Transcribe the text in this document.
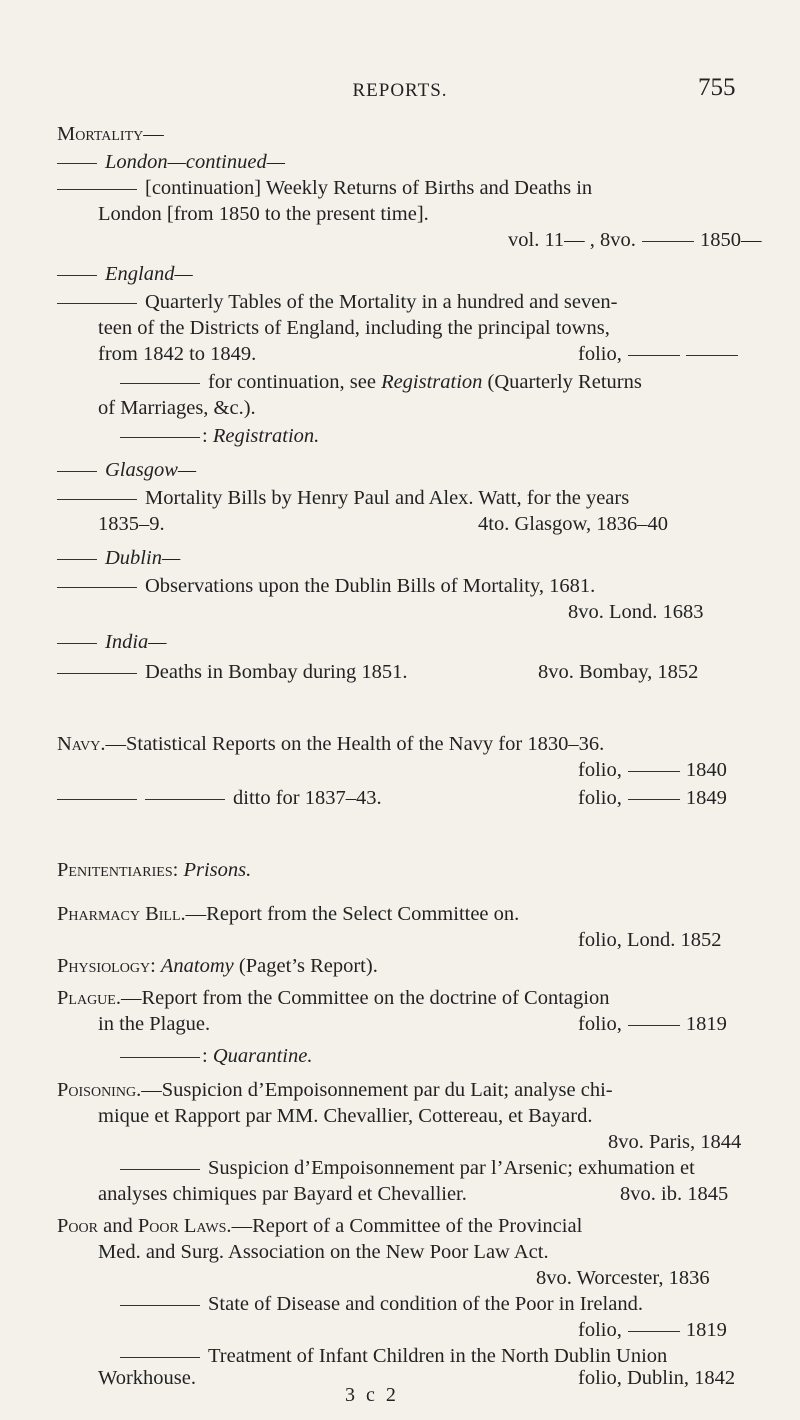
REPORTS.	755
Mortality—
London—continued—
[continuation] Weekly Returns of Births and Deaths in
London [from 1850 to the present time].
vol. 11— , 8vo.	1850—
England—
Quarterly Tables of the Mortality in a hundred and seven-
teen of the Districts of England, including the principal towns,
from 1842 to 1849.	folio,
for continuation, see Registration (Quarterly Returns
of Marriages, &c.).
: Registration.
Glasgow—
Mortality Bills by Henry Paul and Alex. Watt, for the years
1835–9.	4to. Glasgow, 1836–40
Dublin—
Observations upon the Dublin Bills of Mortality, 1681.
8vo. Lond. 1683
India—
Deaths in Bombay during 1851.	8vo. Bombay, 1852
Navy.—Statistical Reports on the Health of the Navy for 1830–36.
folio,	1840
ditto for 1837–43.	folio,	1849
Penitentiaries: Prisons.
Pharmacy Bill.—Report from the Select Committee on.
folio, Lond. 1852
Physiology: Anatomy (Paget’s Report).
Plague.—Report from the Committee on the doctrine of Contagion
in the Plague.	folio,	1819
: Quarantine.
Poisoning.—Suspicion d’Empoisonnement par du Lait; analyse chi-
mique et Rapport par MM. Chevallier, Cottereau, et Bayard.
8vo. Paris, 1844
Suspicion d’Empoisonnement par l’Arsenic; exhumation et
analyses chimiques par Bayard et Chevallier.	8vo. ib. 1845
Poor and Poor Laws.—Report of a Committee of the Provincial
Med. and Surg. Association on the New Poor Law Act.
8vo. Worcester, 1836
State of Disease and condition of the Poor in Ireland.
folio,	1819
Treatment of Infant Children in the North Dublin Union
Workhouse.	folio, Dublin, 1842
3 c 2
